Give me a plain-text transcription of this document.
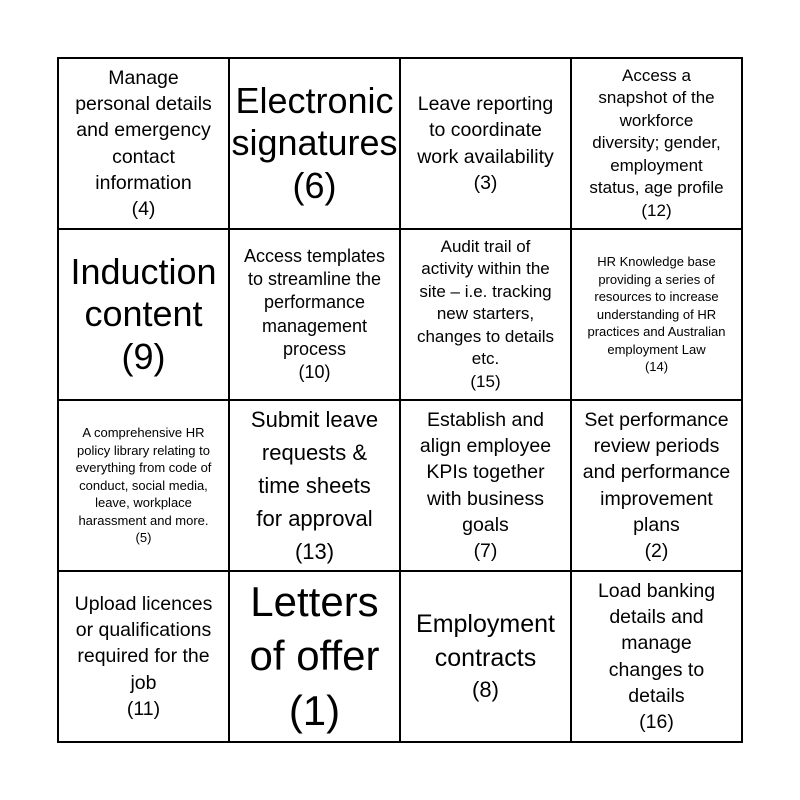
Manage
personal details
and emergency
contact
information
(4)
Electronic
signatures
(6)
Leave reporting
to coordinate
work availability
(3)
Access a
snapshot of the
workforce
diversity; gender,
employment
status, age profile
(12)
Induction
content
(9)
Access templates
to streamline the
performance
management
process
(10)
Audit trail of
activity within the
site – i.e. tracking
new starters,
changes to details
etc.
(15)
HR Knowledge base
providing a series of
resources to increase
understanding of HR
practices and Australian
employment Law
(14)
A comprehensive HR
policy library relating to
everything from code of
conduct, social media,
leave, workplace
harassment and more.
(5)
Submit leave
requests &
time sheets
for approval
(13)
Establish and
align employee
KPIs together
with business
goals
(7)
Set performance
review periods
and performance
improvement
plans
(2)
Upload licences
or qualifications
required for the
job
(11)
Letters
of offer
(1)
Employment
contracts
(8)
Load banking
details and
manage
changes to
details
(16)
